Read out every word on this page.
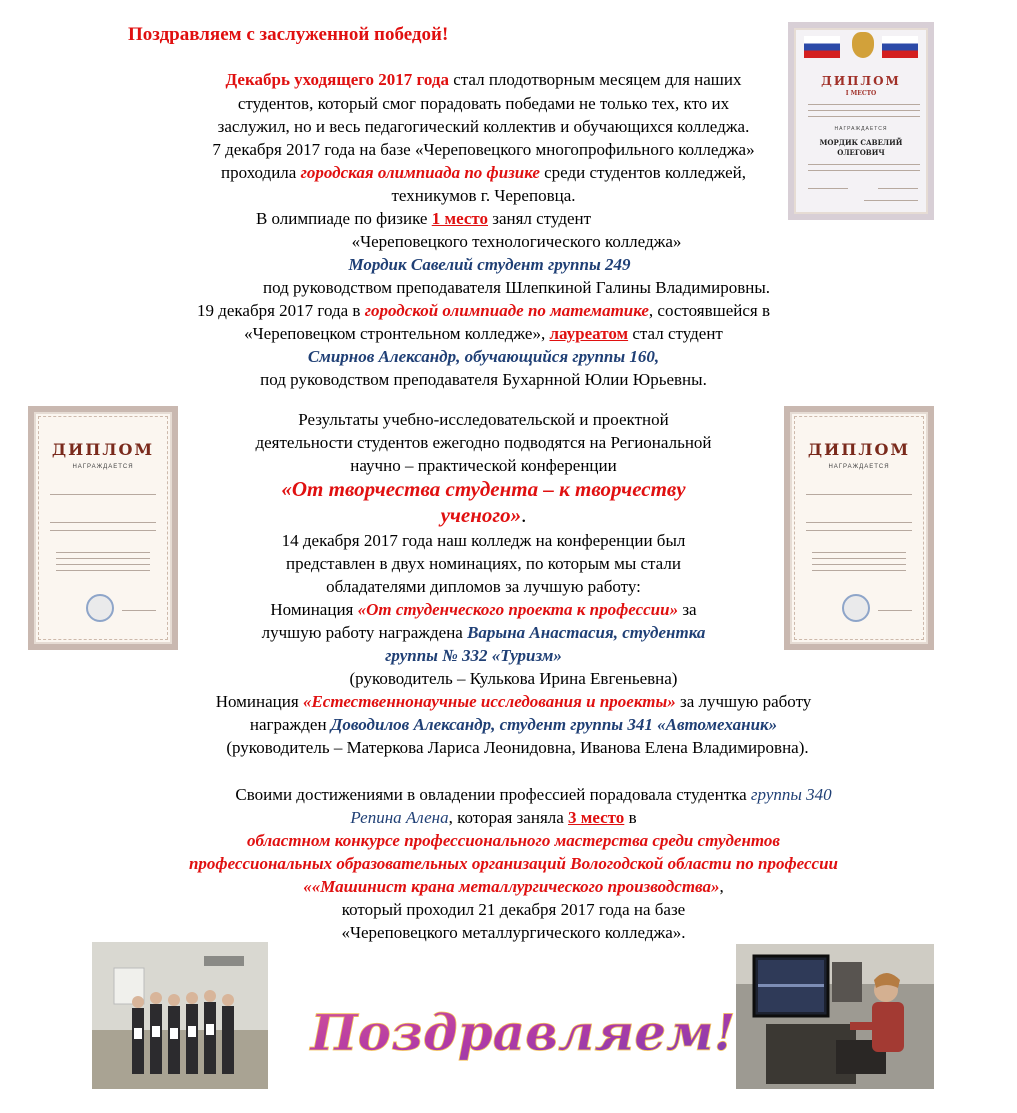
Поздравляем с заслуженной победой!
Декабрь уходящего 2017 года стал плодотворным месяцем для наших
студентов, который смог порадовать победами не только тех, кто их
заслужил, но и весь педагогический коллектив и обучающихся колледжа.
7 декабря 2017 года на базе «Череповецкого многопрофильного колледжа»
проходила городская олимпиада по физике среди студентов колледжей,
техникумов г. Череповца.
В олимпиаде по физике 1 место занял студент
«Череповецкого технологического колледжа»
Мордик Савелий студент группы 249
под руководством преподавателя Шлепкиной Галины Владимировны.
19 декабря 2017 года в городской олимпиаде по математике, состоявшейся в
«Череповецком стронтельном колледже», лауреатом стал студент
Смирнов Александр, обучающийся группы 160,
под руководством преподавателя Бухарнной Юлии Юрьевны.
Результаты учебно-исследовательской и проектной
деятельности студентов ежегодно подводятся на Региональной
научно – практической конференции
«От творчества студента – к творчеству
ученого».
14 декабря 2017 года наш колледж на конференции был
представлен в двух номинациях, по которым мы стали
обладателями дипломов за лучшую работу:
Номинация «От студенческого проекта к профессии» за
лучшую работу награждена Варына Анастасия, студентка
группы № 332 «Туризм»
(руководитель – Кулькова Ирина Евгеньевна)
Номинация «Естественнонаучные исследования и проекты» за лучшую работу
награжден Доводилов Александр, студент группы 341 «Автомеханик»
(руководитель – Матеркова Лариса Леонидовна, Иванова Елена Владимировна).
Своими достижениями в овладении профессией порадовала студентка группы 340
Репина Алена, которая заняла 3 место в
областном конкурсе профессионального мастерства среди студентов
профессиональных образовательных организаций Вологодской области по профессии
««Машинист крана металлургического производства»,
который проходил 21 декабря 2017 года на базе
«Череповецкого металлургического колледжа».
ДИПЛОМ
I МЕСТО
НАГРАЖДАЕТСЯ
МОРДИК САВЕЛИЙ
ОЛЕГОВИЧ
ДИПЛОМ
НАГРАЖДАЕТСЯ
ДИПЛОМ
НАГРАЖДАЕТСЯ
Поздравляем!
